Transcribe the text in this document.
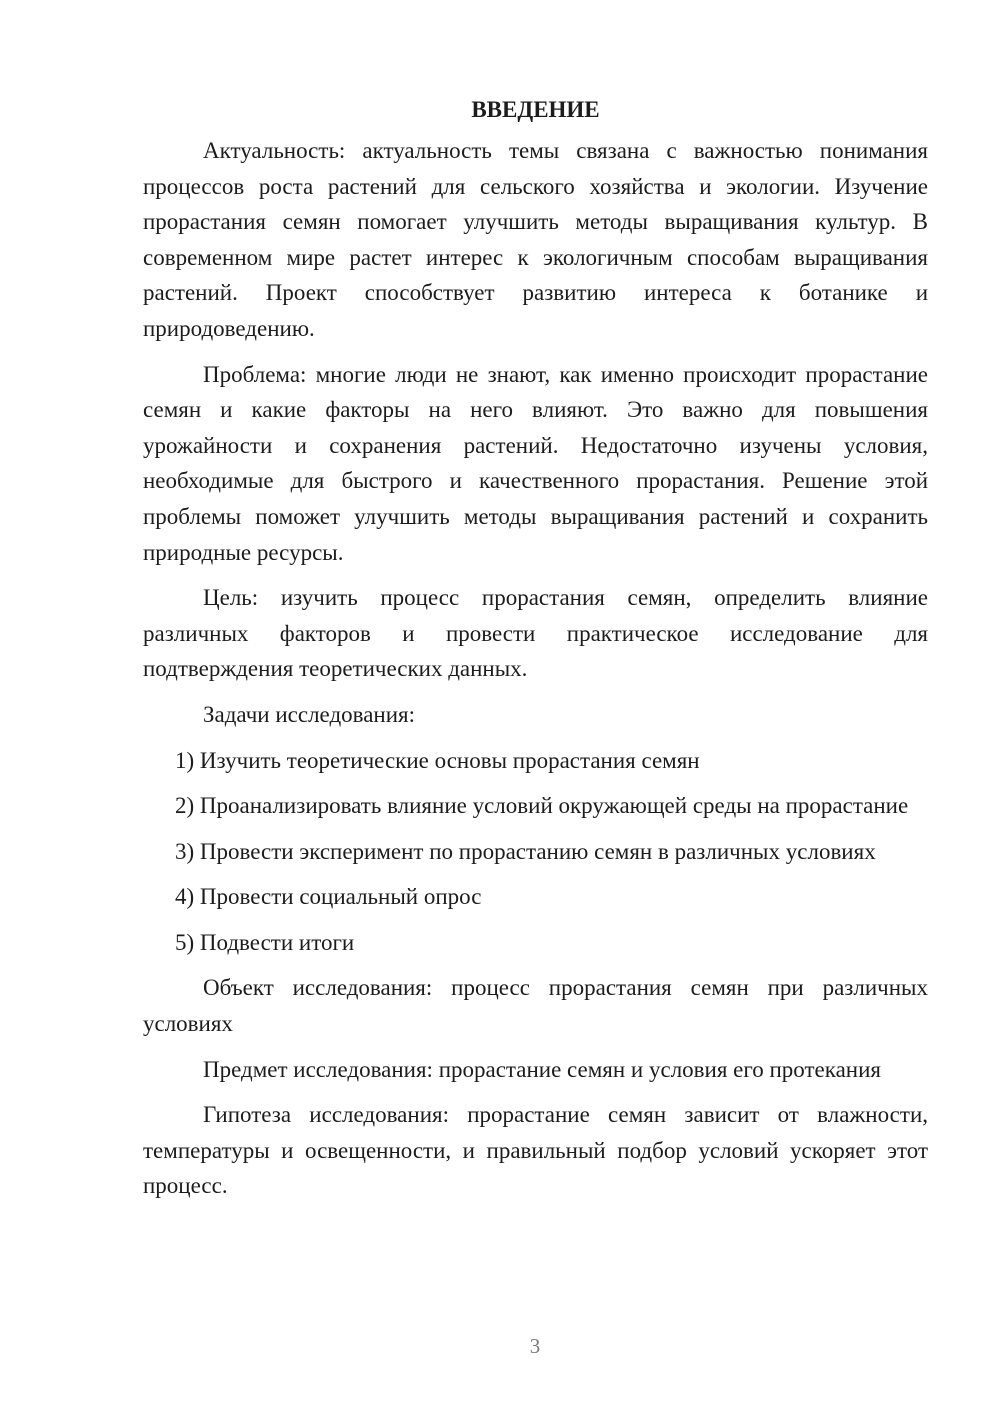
ВВЕДЕНИЕ

Актуальность: актуальность темы связана с важностью понимания процессов роста растений для сельского хозяйства и экологии. Изучение прорастания семян помогает улучшить методы выращивания культур. В современном мире растет интерес к экологичным способам выращивания растений. Проект способствует развитию интереса к ботанике и природоведению.

Проблема: многие люди не знают, как именно происходит прорастание семян и какие факторы на него влияют. Это важно для повышения урожайности и сохранения растений. Недостаточно изучены условия, необходимые для быстрого и качественного прорастания. Решение этой проблемы поможет улучшить методы выращивания растений и сохранить природные ресурсы.

Цель: изучить процесс прорастания семян, определить влияние различных факторов и провести практическое исследование для подтверждения теоретических данных.

Задачи исследования:

1) Изучить теоретические основы прорастания семян

2) Проанализировать влияние условий окружающей среды на прорастание

3) Провести эксперимент по прорастанию семян в различных условиях

4) Провести социальный опрос

5) Подвести итоги

Объект исследования: процесс прорастания семян при различных условиях

Предмет исследования: прорастание семян и условия его протекания

Гипотеза исследования: прорастание семян зависит от влажности, температуры и освещенности, и правильный подбор условий ускоряет этот процесс.

3
